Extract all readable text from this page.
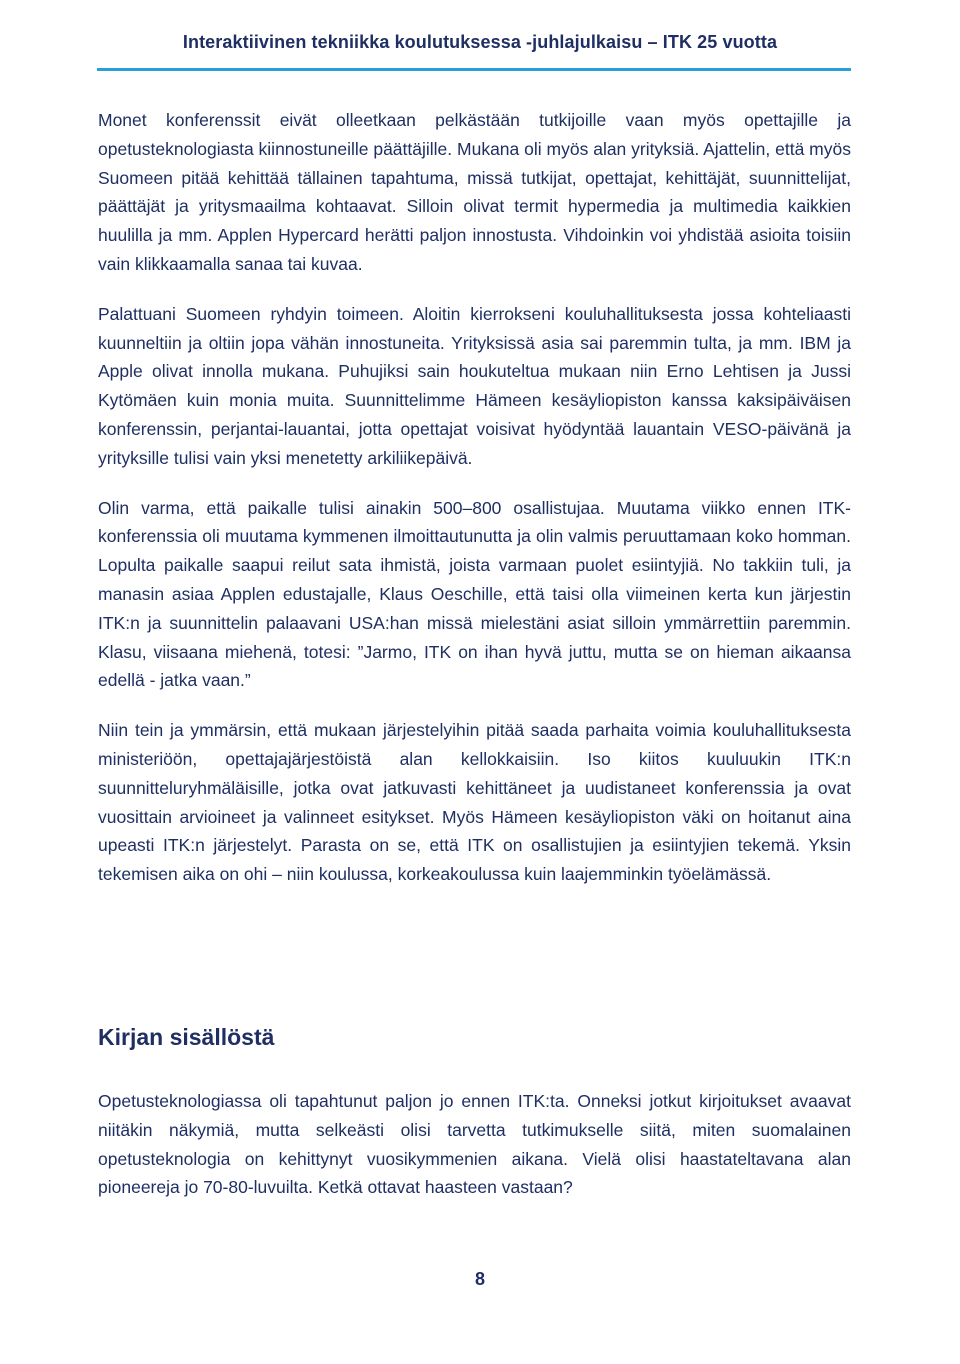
Interaktiivinen tekniikka koulutuksessa -juhlajulkaisu – ITK 25 vuotta

Monet konferenssit eivät olleetkaan pelkästään tutkijoille vaan myös opettajille ja opetusteknologiasta kiinnostuneille päättäjille. Mukana oli myös alan yrityksiä. Ajattelin, että myös Suomeen pitää kehittää tällainen tapahtuma, missä tutkijat, opettajat, kehittäjät, suunnittelijat, päättäjät ja yritysmaailma kohtaavat. Silloin olivat termit hypermedia ja multimedia kaikkien huulilla ja mm. Applen Hypercard herätti paljon innostusta. Vihdoinkin voi yhdistää asioita toisiin vain klikkaamalla sanaa tai kuvaa.

Palattuani Suomeen ryhdyin toimeen. Aloitin kierrokseni kouluhallituksesta jossa kohteliaasti kuunneltiin ja oltiin jopa vähän innostuneita. Yrityksissä asia sai paremmin tulta, ja mm. IBM ja Apple olivat innolla mukana. Puhujiksi sain houkuteltua mukaan niin Erno Lehtisen ja Jussi Kytömäen kuin monia muita. Suunnittelimme Hämeen kesäyliopiston kanssa kaksipäiväisen konferenssin, perjantai-lauantai, jotta opettajat voisivat hyödyntää lauantain VESO-päivänä ja yrityksille tulisi vain yksi menetetty arkiliikepäivä.

Olin varma, että paikalle tulisi ainakin 500–800 osallistujaa. Muutama viikko ennen ITK-konferenssia oli muutama kymmenen ilmoittautunutta ja olin valmis peruuttamaan koko homman. Lopulta paikalle saapui reilut sata ihmistä, joista varmaan puolet esiintyjiä. No takkiin tuli, ja manasin asiaa Applen edustajalle, Klaus Oeschille, että taisi olla viimeinen kerta kun järjestin ITK:n ja suunnittelin palaavani USA:han missä mielestäni asiat silloin ymmärrettiin paremmin. Klasu, viisaana miehenä, totesi: ”Jarmo, ITK on ihan hyvä juttu, mutta se on hieman aikaansa edellä - jatka vaan.”

Niin tein ja ymmärsin, että mukaan järjestelyihin pitää saada parhaita voimia kouluhallituksesta ministeriöön, opettajajärjestöistä alan kellokkaisiin. Iso kiitos kuuluukin ITK:n suunnitteluryhmäläisille, jotka ovat jatkuvasti kehittäneet ja uudistaneet konferenssia ja ovat vuosittain arvioineet ja valinneet esitykset. Myös Hämeen kesäyliopiston väki on hoitanut aina upeasti ITK:n järjestelyt. Parasta on se, että ITK on osallistujien ja esiintyjien tekemä. Yksin tekemisen aika on ohi – niin koulussa, korkeakoulussa kuin laajemminkin työelämässä.

Kirjan sisällöstä

Opetusteknologiassa oli tapahtunut paljon jo ennen ITK:ta. Onneksi jotkut kirjoitukset avaavat niitäkin näkymiä, mutta selkeästi olisi tarvetta tutkimukselle siitä, miten suomalainen opetusteknologia on kehittynyt vuosikymmenien aikana. Vielä olisi haastateltavana alan pioneereja jo 70-80-luvuilta. Ketkä ottavat haasteen vastaan?

8
